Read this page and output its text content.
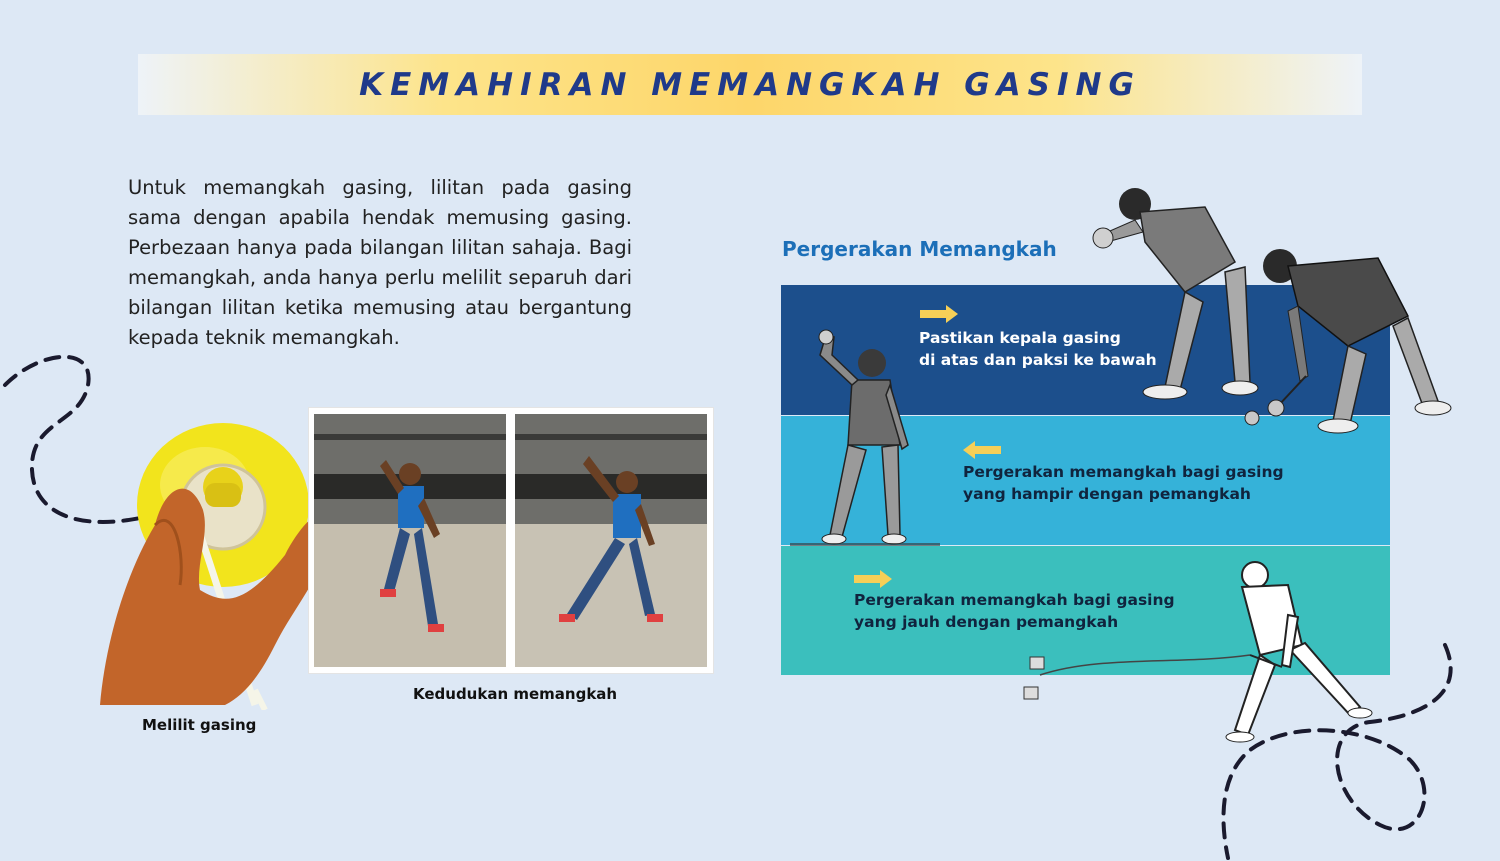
KEMAHIRAN MEMANGKAH GASING
Untuk memangkah gasing, lilitan pada gasing sama dengan apabila hendak memusing gasing. Perbezaan hanya pada bilangan lilitan sahaja. Bagi memangkah, anda hanya perlu melilit separuh dari bilangan lilitan ketika memusing atau bergantung kepada teknik memangkah.
Melilit gasing
Kedudukan memangkah
Pergerakan Memangkah
Pastikan kepala gasing
di atas dan paksi ke bawah
Pergerakan memangkah bagi gasing
yang hampir dengan pemangkah
Pergerakan memangkah bagi gasing
yang jauh dengan pemangkah
